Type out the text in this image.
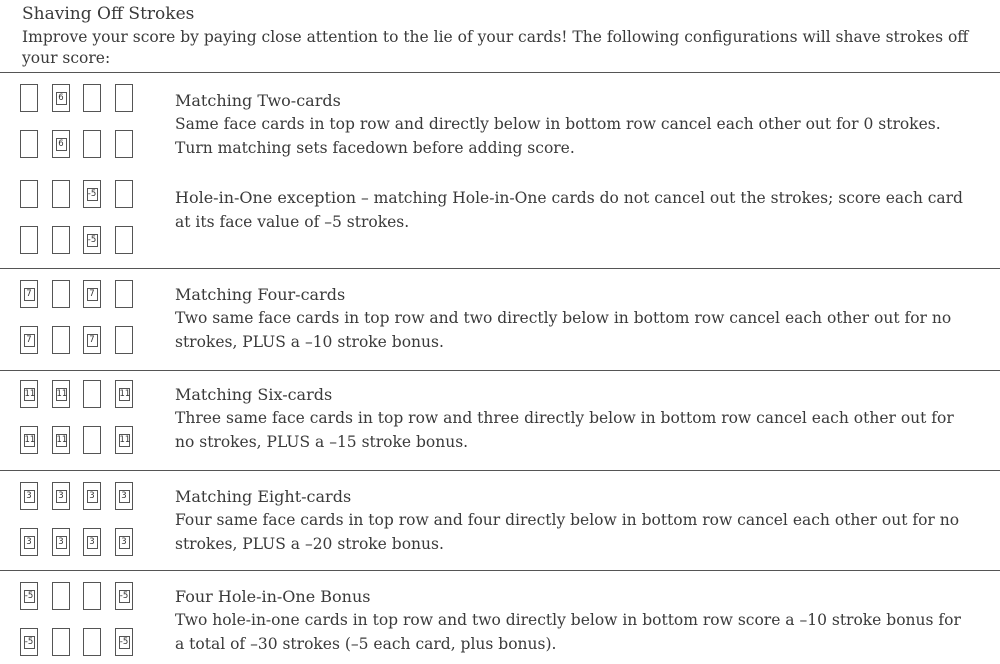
Shaving Off Strokes
Improve your score by paying close attention to the lie of your cards! The following configurations will shave strokes off your score:
6
6
Matching Two-cards
Same face cards in top row and directly below in bottom row cancel each other out for 0 strokes. Turn matching sets facedown before adding score.
-5
-5
Hole-in-One exception – matching Hole-in-One cards do not cancel out the strokes; score each card at its face value of –5 strokes.
7	7
7	7
Matching Four-cards
Two same face cards in top row and two directly below in bottom row cancel each other out for no strokes, PLUS a –10 stroke bonus.
11 11	11
11 11	11
Matching Six-cards
Three same face cards in top row and three directly below in bottom row cancel each other out for no strokes, PLUS a –15 stroke bonus.
3	3	3	3
3	3	3	3
Matching Eight-cards
Four same face cards in top row and four directly below in bottom row cancel each other out for no strokes, PLUS a –20 stroke bonus.
-5	-5
-5	-5
Four Hole-in-One Bonus
Two hole-in-one cards in top row and two directly below in bottom row score a –10 stroke bonus for a total of –30 strokes (–5 each card, plus bonus).
